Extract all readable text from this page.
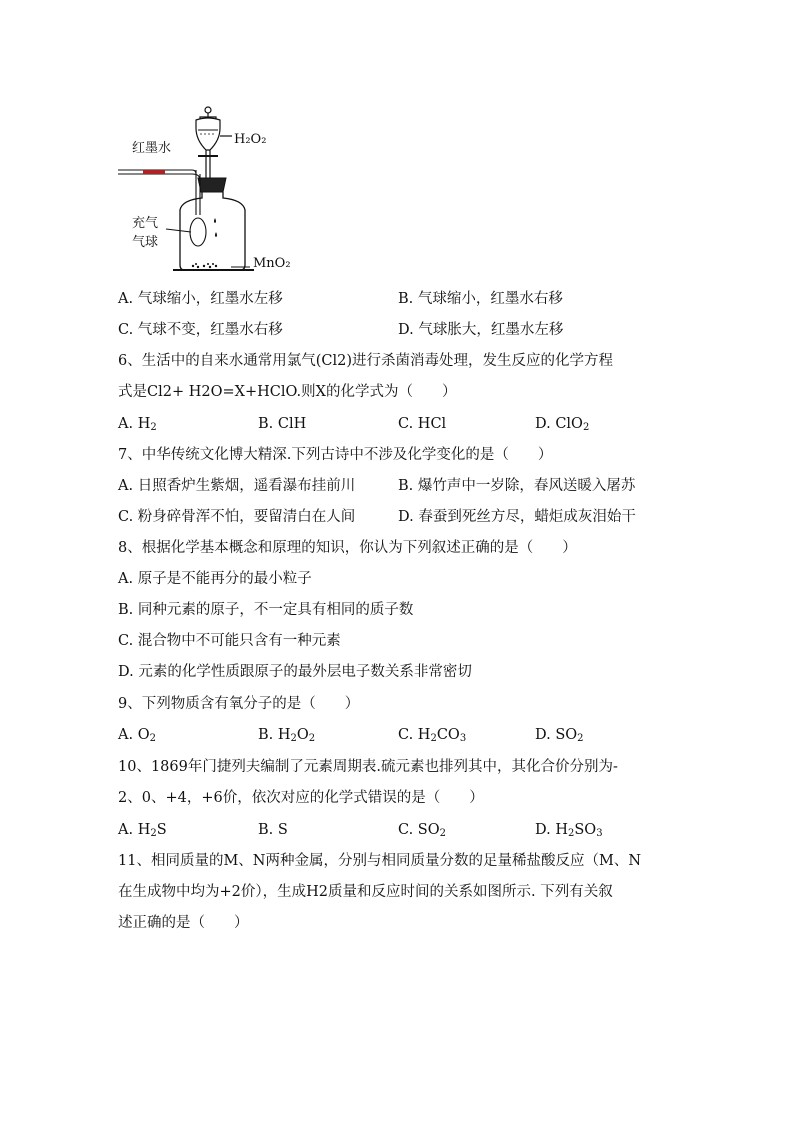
红墨水
H₂O₂
充气
气球
MnO₂
A. 气球缩小，红墨水左移	B. 气球缩小，红墨水右移
C. 气球不变，红墨水右移	D. 气球胀大，红墨水左移
6、生活中的自来水通常用氯气(Cl2)进行杀菌消毒处理，发生反应的化学方程
式是Cl2+ H2O=X+HClO.则X的化学式为（　　）
A. $H_2$	B. ClH	C. HCl	D. ClO$_2$
7、中华传统文化博大精深.下列古诗中不涉及化学变化的是（　　）
A. 日照香炉生紫烟，遥看瀑布挂前川	B. 爆竹声中一岁除，春风送暖入屠苏
C. 粉身碎骨浑不怕，要留清白在人间	D. 春蚕到死丝方尽，蜡炬成灰泪始干
8、根据化学基本概念和原理的知识，你认为下列叙述正确的是（　　）
A. 原子是不能再分的最小粒子
B. 同种元素的原子，不一定具有相同的质子数
C. 混合物中不可能只含有一种元素
D. 元素的化学性质跟原子的最外层电子数关系非常密切
9、下列物质含有氧分子的是（　　）
A. $O_2$	B. $H_2O_2$	C. $H_2CO_3$	D. $SO_2$
10、1869年门捷列夫编制了元素周期表.硫元素也排列其中，其化合价分别为-
2、0、+4，+6价，依次对应的化学式错误的是（　　）
A. $H_2S$	B. S	C. $SO_2$	D. $H_2SO_3$
11、相同质量的M、N两种金属，分别与相同质量分数的足量稀盐酸反应（M、N
在生成物中均为+2价），生成H2质量和反应时间的关系如图所示. 下列有关叙
述正确的是（　　）
